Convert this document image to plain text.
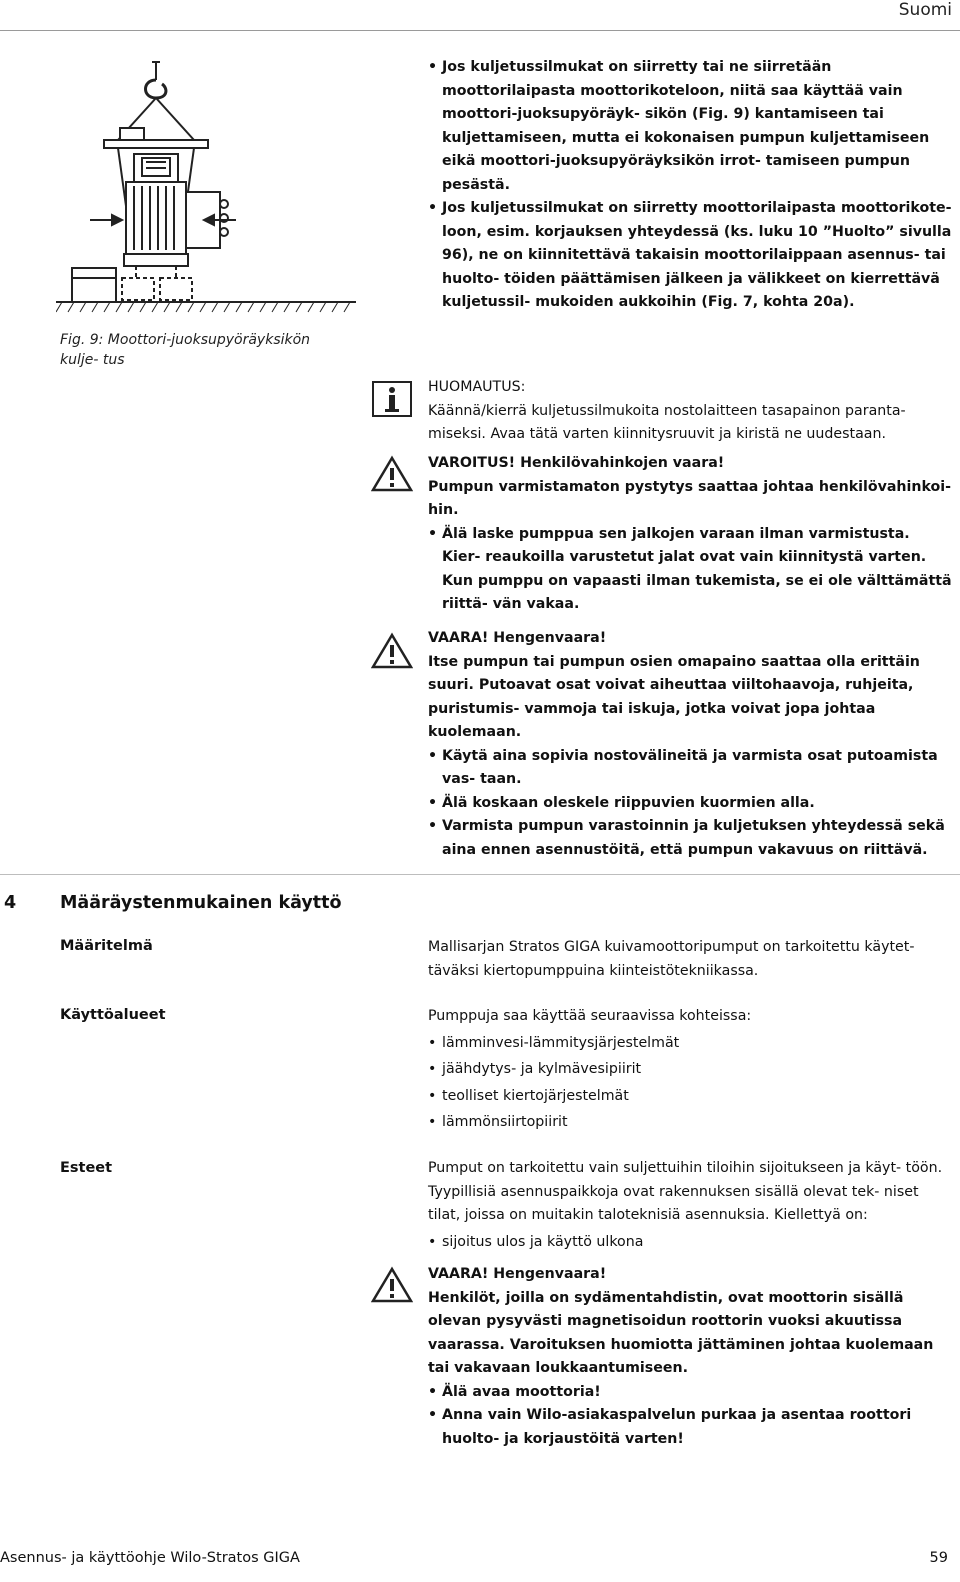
Suomi
Fig. 9: Moottori-juoksupyöräyksikön kulje- tus
• Jos kuljetussilmukat on siirretty tai ne siirretään moottorilaipasta moottorikoteloon, niitä saa käyttää vain moottori-juoksupyöräyk- sikön (Fig. 9) kantamiseen tai kuljettamiseen, mutta ei kokonaisen pumpun kuljettamiseen eikä moottori-juoksupyöräyksikön irrot- tamiseen pumpun pesästä.
• Jos kuljetussilmukat on siirretty moottorilaipasta moottorikote- loon, esim. korjauksen yhteydessä (ks. luku 10 ”Huolto” sivulla 96), ne on kiinnitettävä takaisin moottorilaippaan asennus- tai huolto- töiden päättämisen jälkeen ja välikkeet on kierrettävä kuljetussil- mukoiden aukkoihin (Fig. 7, kohta 20a).
HUOMAUTUS:
Käännä/kierrä kuljetussilmukoita nostolaitteen tasapainon paranta- miseksi. Avaa tätä varten kiinnitysruuvit ja kiristä ne uudestaan.
VAROITUS! Henkilövahinkojen vaara!
Pumpun varmistamaton pystytys saattaa johtaa henkilövahinkoi- hin.
• Älä laske pumppua sen jalkojen varaan ilman varmistusta. Kier- reaukoilla varustetut jalat ovat vain kiinnitystä varten. Kun pumppu on vapaasti ilman tukemista, se ei ole välttämättä riittä- vän vakaa.
VAARA! Hengenvaara!
Itse pumpun tai pumpun osien omapaino saattaa olla erittäin suuri. Putoavat osat voivat aiheuttaa viiltohaavoja, ruhjeita, puristumis- vammoja tai iskuja, jotka voivat jopa johtaa kuolemaan.
• Käytä aina sopivia nostovälineitä ja varmista osat putoamista vas- taan.
• Älä koskaan oleskele riippuvien kuormien alla.
• Varmista pumpun varastoinnin ja kuljetuksen yhteydessä sekä aina ennen asennustöitä, että pumpun vakavuus on riittävä.
4	Määräystenmukainen käyttö
Määritelmä	Mallisarjan Stratos GIGA kuivamoottoripumput on tarkoitettu käytet- täväksi kiertopumppuina kiinteistötekniikassa.
Käyttöalueet	Pumppuja saa käyttää seuraavissa kohteissa:
• lämminvesi-lämmitysjärjestelmät
• jäähdytys- ja kylmävesipiirit
• teolliset kiertojärjestelmät
• lämmönsiirtopiirit
Esteet	Pumput on tarkoitettu vain suljettuihin tiloihin sijoitukseen ja käyt- töön. Tyypillisiä asennuspaikkoja ovat rakennuksen sisällä olevat tek- niset tilat, joissa on muitakin taloteknisiä asennuksia. Kiellettyä on:
• sijoitus ulos ja käyttö ulkona
VAARA! Hengenvaara!
Henkilöt, joilla on sydämentahdistin, ovat moottorin sisällä olevan pysyvästi magnetisoidun roottorin vuoksi akuutissa vaarassa. Varoituksen huomiotta jättäminen johtaa kuolemaan tai vakavaan loukkaantumiseen.
• Älä avaa moottoria!
• Anna vain Wilo-asiakaspalvelun purkaa ja asentaa roottori huolto- ja korjaustöitä varten!
Asennus- ja käyttöohje Wilo-Stratos GIGA	59
